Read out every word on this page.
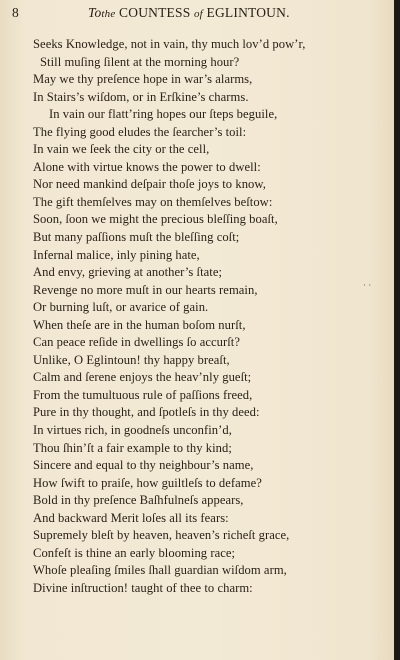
8	Tothe COUNTESS of EGLINTOUN.
Seeks Knowledge, not in vain, thy much lov’d pow’r,
Still muſing ſilent at the morning hour?
May we thy preſence hope in war’s alarms,
In Stairs’s wiſdom, or in Erſkine’s charms.
In vain our flatt’ring hopes our ſteps beguile,
The flying good eludes the ſearcher’s toil:
In vain we ſeek the city or the cell,
Alone with virtue knows the power to dwell:
Nor need mankind deſpair thoſe joys to know,
The gift themſelves may on themſelves beſtow:
Soon, ſoon we might the precious bleſſing boaſt,
But many paſſions muſt the bleſſing coſt;
Infernal malice, inly pining hate,
And envy, grieving at another’s ſtate;
Revenge no more muſt in our hearts remain,
Or burning luſt, or avarice of gain.
When theſe are in the human boſom nurſt,
Can peace reſide in dwellings ſo accurſt?
Unlike, O Eglintoun! thy happy breaſt,
Calm and ſerene enjoys the heav’nly gueſt;
From the tumultuous rule of paſſions freed,
Pure in thy thought, and ſpotleſs in thy deed:
In virtues rich, in goodneſs unconfin’d,
Thou ſhin’ſt a fair example to thy kind;
Sincere and equal to thy neighbour’s name,
How ſwift to praiſe, how guiltleſs to defame?
Bold in thy preſence Baſhfulneſs appears,
And backward Merit loſes all its fears:
Supremely bleſt by heaven, heaven’s richeſt grace,
Confeſt is thine an early blooming race;
Whoſe pleaſing ſmiles ſhall guardian wiſdom arm,
Divine inſtruction! taught of thee to charm:
· ·
